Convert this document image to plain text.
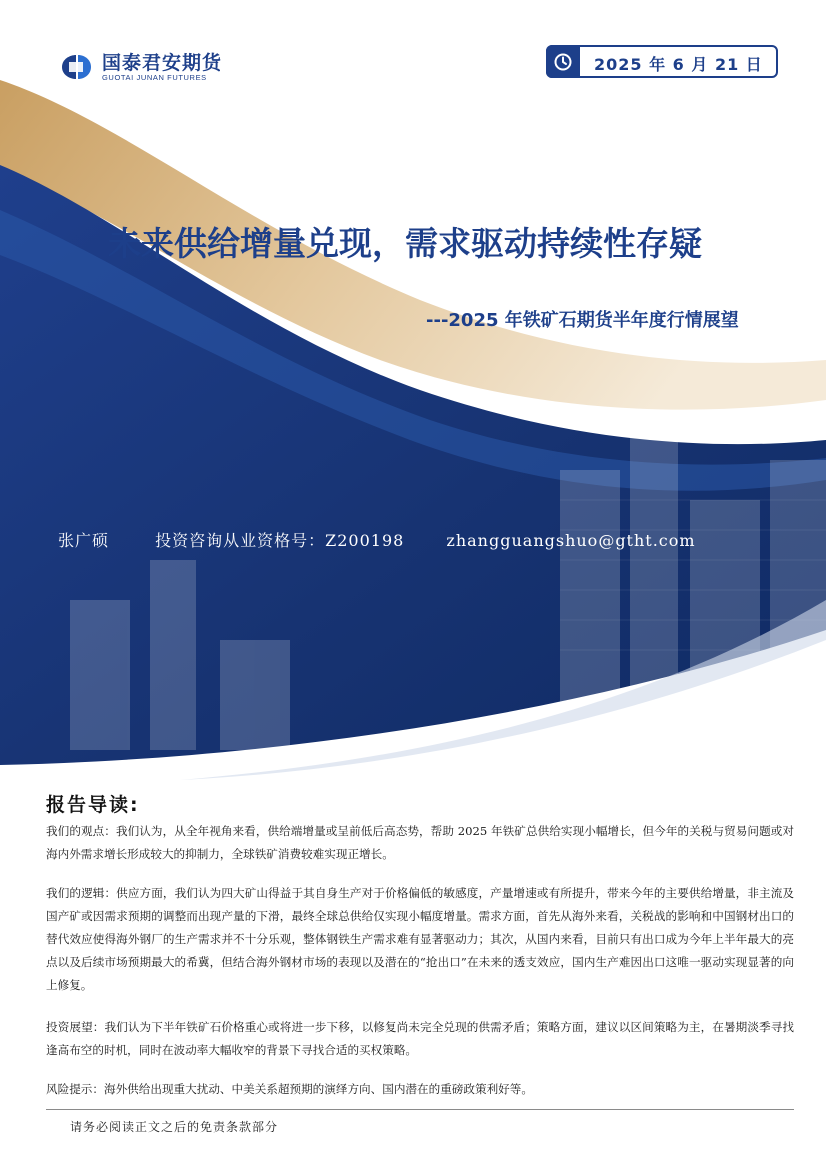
国泰君安期货
GUOTAI JUNAN FUTURES
2025 年 6 月 21 日
未来供给增量兑现，需求驱动持续性存疑
---2025 年铁矿石期货半年度行情展望
张广硕	投资咨询从业资格号：Z200198	zhangguangshuo@gtht.com
报告导读:
我们的观点：我们认为，从全年视角来看，供给端增量或呈前低后高态势，帮助 2025 年铁矿总供给实现小幅增长，但今年的关税与贸易问题或对海内外需求增长形成较大的抑制力，全球铁矿消费较难实现正增长。
我们的逻辑：供应方面，我们认为四大矿山得益于其自身生产对于价格偏低的敏感度，产量增速或有所提升，带来今年的主要供给增量，非主流及国产矿或因需求预期的调整而出现产量的下滑，最终全球总供给仅实现小幅度增量。需求方面，首先从海外来看，关税战的影响和中国钢材出口的替代效应使得海外钢厂的生产需求并不十分乐观，整体钢铁生产需求难有显著驱动力；其次，从国内来看，目前只有出口成为今年上半年最大的亮点以及后续市场预期最大的希冀，但结合海外钢材市场的表现以及潜在的“抢出口”在未来的透支效应，国内生产难因出口这唯一驱动实现显著的向上修复。
投资展望：我们认为下半年铁矿石价格重心或将进一步下移，以修复尚未完全兑现的供需矛盾；策略方面，建议以区间策略为主，在暑期淡季寻找逢高布空的时机，同时在波动率大幅收窄的背景下寻找合适的买权策略。
风险提示：海外供给出现重大扰动、中美关系超预期的演绎方向、国内潜在的重磅政策利好等。
请务必阅读正文之后的免责条款部分
